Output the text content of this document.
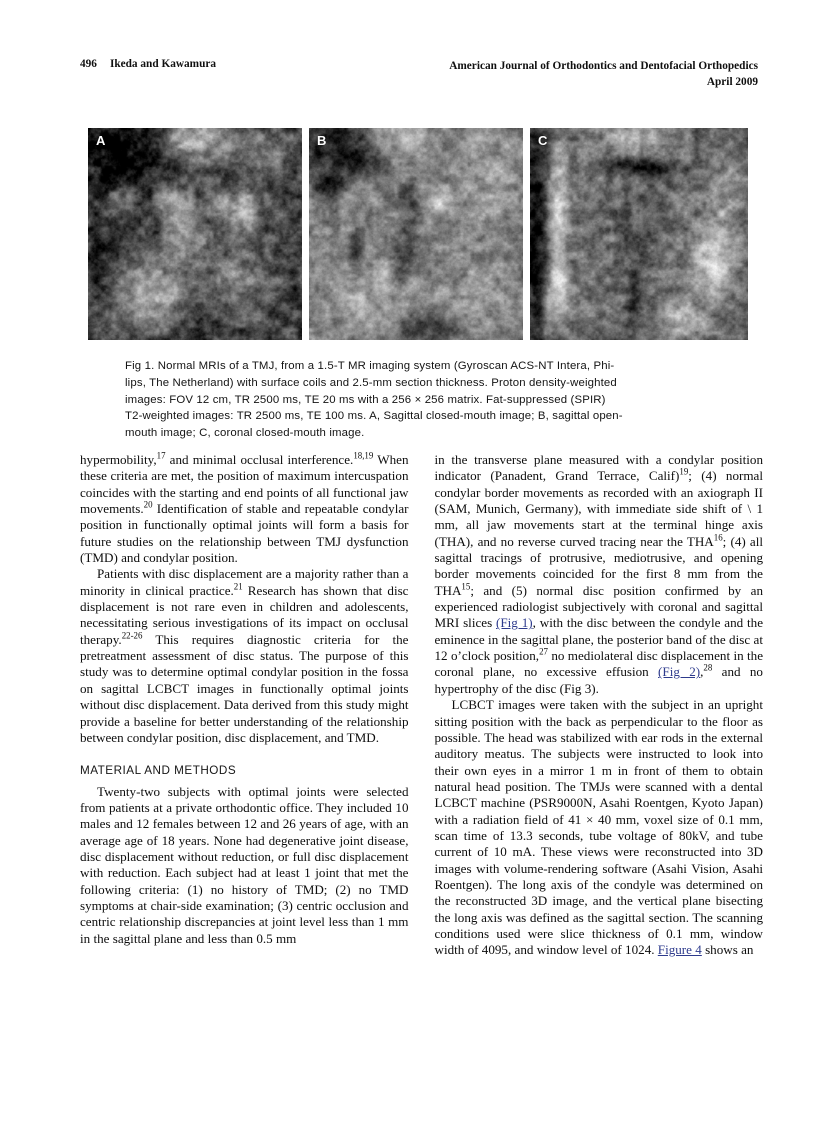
496 Ikeda and Kawamura	American Journal of Orthodontics and Dentofacial Orthopedics
April 2009
A	B	C
Fig 1. Normal MRIs of a TMJ, from a 1.5-T MR imaging system (Gyroscan ACS-NT Intera, Phi-
lips, The Netherland) with surface coils and 2.5-mm section thickness. Proton density-weighted
images: FOV 12 cm, TR 2500 ms, TE 20 ms with a 256 × 256 matrix. Fat-suppressed (SPIR)
T2-weighted images: TR 2500 ms, TE 100 ms. A, Sagittal closed-mouth image; B, sagittal open-
mouth image; C, coronal closed-mouth image.

hypermobility,$^{17}$ and minimal occlusal interference.$^{18,19}$ When these criteria are met, the position of maximum intercuspation coincides with the starting and end points of all functional jaw movements.$^{20}$ Identification of stable and repeatable condylar position in functionally optimal joints will form a basis for future studies on the relationship between TMJ dysfunction (TMD) and condylar position.

Patients with disc displacement are a majority rather than a minority in clinical practice.$^{21}$ Research has shown that disc displacement is not rare even in children and adolescents, necessitating serious investigations of its impact on occlusal therapy.$^{22-26}$ This requires diagnostic criteria for the pretreatment assessment of disc status. The purpose of this study was to determine optimal condylar position in the fossa on sagittal LCBCT images in functionally optimal joints without disc displacement. Data derived from this study might provide a baseline for better understanding of the relationship between condylar position, disc displacement, and TMD.

MATERIAL AND METHODS

Twenty-two subjects with optimal joints were selected from patients at a private orthodontic office. They included 10 males and 12 females between 12 and 26 years of age, with an average age of 18 years. None had degenerative joint disease, disc displacement without reduction, or full disc displacement with reduction. Each subject had at least 1 joint that met the following criteria: (1) no history of TMD; (2) no TMD symptoms at chair-side examination; (3) centric occlusion and centric relationship discrepancies at joint level less than 1 mm in the sagittal plane and less than 0.5 mm

in the transverse plane measured with a condylar position indicator (Panadent, Grand Terrace, Calif)$^{19}$; (4) normal condylar border movements as recorded with an axiograph II (SAM, Munich, Germany), with immediate side shift of \ 1 mm, all jaw movements start at the terminal hinge axis (THA), and no reverse curved tracing near the THA$^{16}$; (4) all sagittal tracings of protrusive, mediotrusive, and opening border movements coincided for the first 8 mm from the THA$^{15}$; and (5) normal disc position confirmed by an experienced radiologist subjectively with coronal and sagittal MRI slices (Fig 1), with the disc between the condyle and the eminence in the sagittal plane, the posterior band of the disc at 12 o’clock position,$^{27}$ no mediolateral disc displacement in the coronal plane, no excessive effusion (Fig 2),$^{28}$ and no hypertrophy of the disc (Fig 3).

LCBCT images were taken with the subject in an upright sitting position with the back as perpendicular to the floor as possible. The head was stabilized with ear rods in the external auditory meatus. The subjects were instructed to look into their own eyes in a mirror 1 m in front of them to obtain natural head position. The TMJs were scanned with a dental LCBCT machine (PSR9000N, Asahi Roentgen, Kyoto Japan) with a radiation field of 41 × 40 mm, voxel size of 0.1 mm, scan time of 13.3 seconds, tube voltage of 80kV, and tube current of 10 mA. These views were reconstructed into 3D images with volume-rendering software (Asahi Vision, Asahi Roentgen). The long axis of the condyle was determined on the reconstructed 3D image, and the vertical plane bisecting the long axis was defined as the sagittal section. The scanning conditions used were slice thickness of 0.1 mm, window width of 4095, and window level of 1024. Figure 4 shows an
